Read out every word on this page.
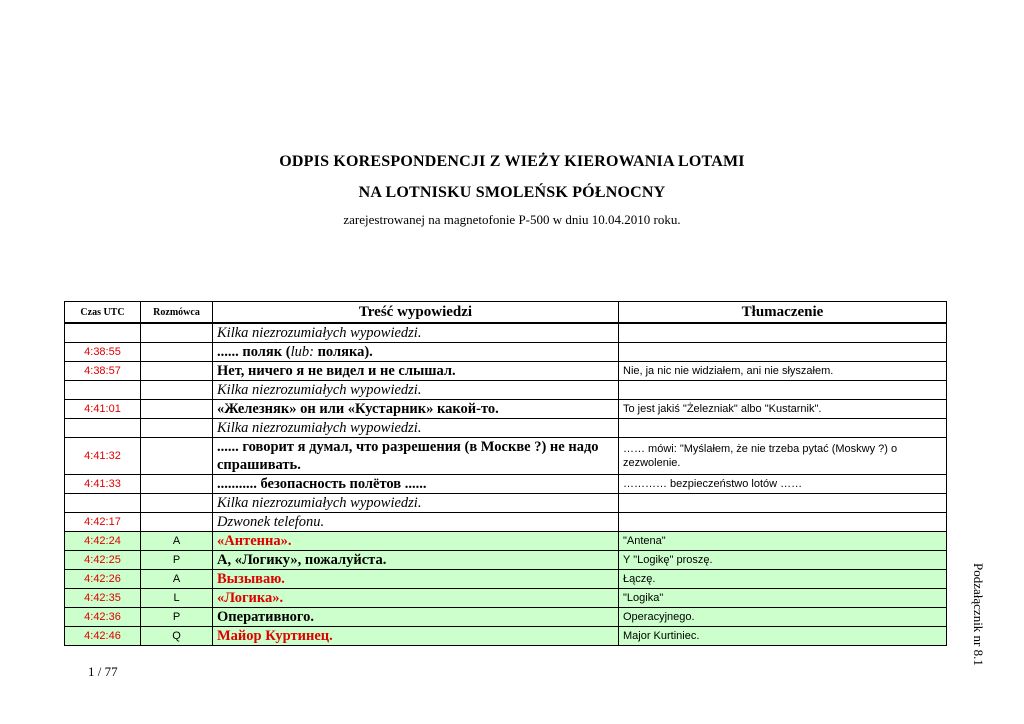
ODPIS KORESPONDENCJI Z WIEŻY KIEROWANIA LOTAMI
NA LOTNISKU SMOLEŃSK PÓŁNOCNY
zarejestrowanej na magnetofonie P-500 w dniu 10.04.2010 roku.
Czas UTC	Rozmówca	Treść wypowiedzi	Tłumaczenie
		Kilka niezrozumiałych wypowiedzi.	
4:38:55		...... поляк (lub: поляка).	
4:38:57		Нет, ничего я не видел и не слышал.	Nie, ja nic nie widziałem, ani nie słyszałem.
		Kilka niezrozumiałych wypowiedzi.	
4:41:01		«Железняк» он или «Кустарник» какой-то.	To jest jakiś "Żelezniak" albo "Kustarnik".
		Kilka niezrozumiałych wypowiedzi.	
4:41:32		...... говорит я думал, что разрешения (в Москве ?) не надо спрашивать.	…… mówi: "Myślałem, że nie trzeba pytać (Moskwy ?) o zezwolenie.
4:41:33		........... безопасность полётов ......	………… bezpieczeństwo lotów ……
		Kilka niezrozumiałych wypowiedzi.	
4:42:17		Dzwonek telefonu.	
4:42:24	A	«Антенна».	"Antena"
4:42:25	P	А, «Логику», пожалуйста.	Y "Logikę" proszę.
4:42:26	A	Вызываю.	Łączę.
4:42:35	L	«Логика».	"Logika"
4:42:36	P	Оперативного.	Operacyjnego.
4:42:46	Q	Майор Куртинец.	Major Kurtiniec.	Podzałącznik nr 8.1
1 / 77
